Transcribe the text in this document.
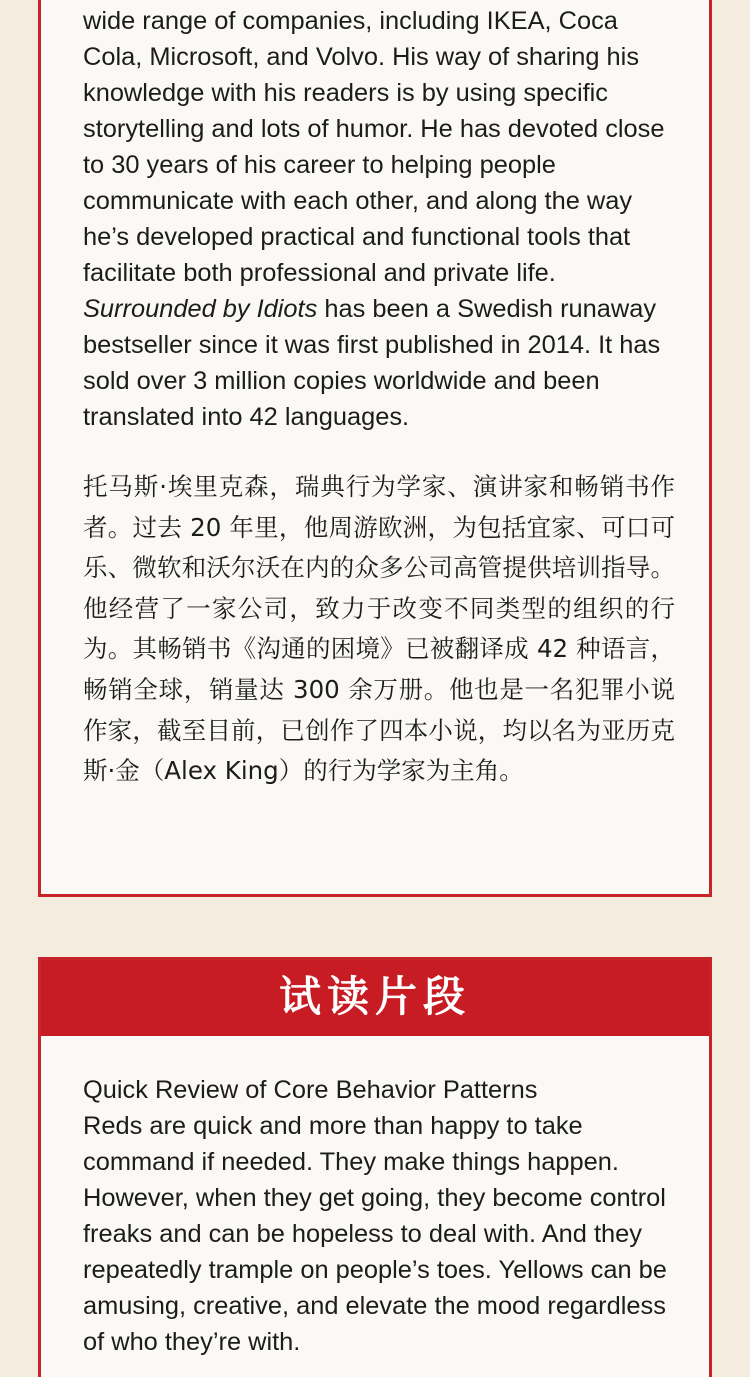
wide range of companies, including IKEA, Coca Cola, Microsoft, and Volvo. His way of sharing his knowledge with his readers is by using specific storytelling and lots of humor. He has devoted close to 30 years of his career to helping people communicate with each other, and along the way he’s developed practical and functional tools that facilitate both professional and private life. Surrounded by Idiots has been a Swedish runaway bestseller since it was first published in 2014. It has sold over 3 million copies worldwide and been translated into 42 languages.

托马斯·埃里克森，瑞典行为学家、演讲家和畅销书作者。过去 20 年里，他周游欧洲，为包括宜家、可口可乐、微软和沃尔沃在内的众多公司高管提供培训指导。他经营了一家公司，致力于改变不同类型的组织的行为。其畅销书《沟通的困境》已被翻译成 42 种语言，畅销全球，销量达 300 余万册。他也是一名犯罪小说作家，截至目前，已创作了四本小说，均以名为亚历克斯·金（Alex King）的行为学家为主角。

试读片段

Quick Review of Core Behavior Patterns
Reds are quick and more than happy to take command if needed. They make things happen. However, when they get going, they become control freaks and can be hopeless to deal with. And they repeatedly trample on people’s toes. Yellows can be amusing, creative, and elevate the mood regardless of who they’re with.
